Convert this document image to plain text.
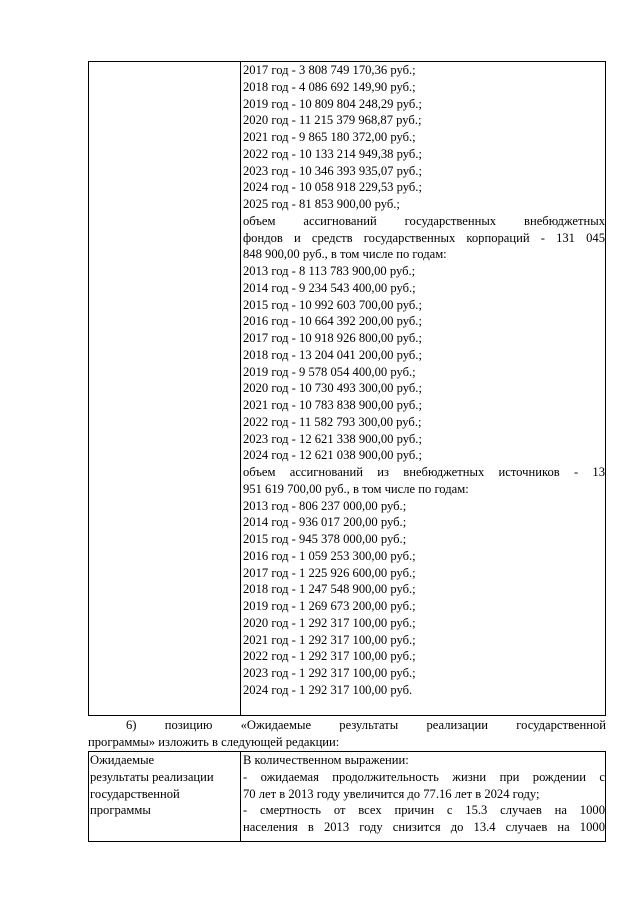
2017 год - 3 808 749 170,36 руб.;
2018 год - 4 086 692 149,90 руб.;
2019 год - 10 809 804 248,29 руб.;
2020 год - 11 215 379 968,87 руб.;
2021 год - 9 865 180 372,00 руб.;
2022 год - 10 133 214 949,38 руб.;
2023 год - 10 346 393 935,07 руб.;
2024 год - 10 058 918 229,53 руб.;
2025 год - 81 853 900,00 руб.;
объем ассигнований государственных внебюджетных
фондов и средств государственных корпораций - 131 045
848 900,00 руб., в том числе по годам:
2013 год - 8 113 783 900,00 руб.;
2014 год - 9 234 543 400,00 руб.;
2015 год - 10 992 603 700,00 руб.;
2016 год - 10 664 392 200,00 руб.;
2017 год - 10 918 926 800,00 руб.;
2018 год - 13 204 041 200,00 руб.;
2019 год - 9 578 054 400,00 руб.;
2020 год - 10 730 493 300,00 руб.;
2021 год - 10 783 838 900,00 руб.;
2022 год - 11 582 793 300,00 руб.;
2023 год - 12 621 338 900,00 руб.;
2024 год - 12 621 038 900,00 руб.;
объем ассигнований из внебюджетных источников - 13
951 619 700,00 руб., в том числе по годам:
2013 год - 806 237 000,00 руб.;
2014 год - 936 017 200,00 руб.;
2015 год - 945 378 000,00 руб.;
2016 год - 1 059 253 300,00 руб.;
2017 год - 1 225 926 600,00 руб.;
2018 год - 1 247 548 900,00 руб.;
2019 год - 1 269 673 200,00 руб.;
2020 год - 1 292 317 100,00 руб.;
2021 год - 1 292 317 100,00 руб.;
2022 год - 1 292 317 100,00 руб.;
2023 год - 1 292 317 100,00 руб.;
2024 год - 1 292 317 100,00 руб.
6) позицию «Ожидаемые результаты реализации государственной
программы» изложить в следующей редакции:
Ожидаемые
результаты реализации
государственной
программы
В количественном выражении:
- ожидаемая продолжительность жизни при рождении с
70 лет в 2013 году увеличится до 77.16 лет в 2024 году;
- смертность от всех причин с 15.3 случаев на 1000
населения в 2013 году снизится до 13.4 случаев на 1000
